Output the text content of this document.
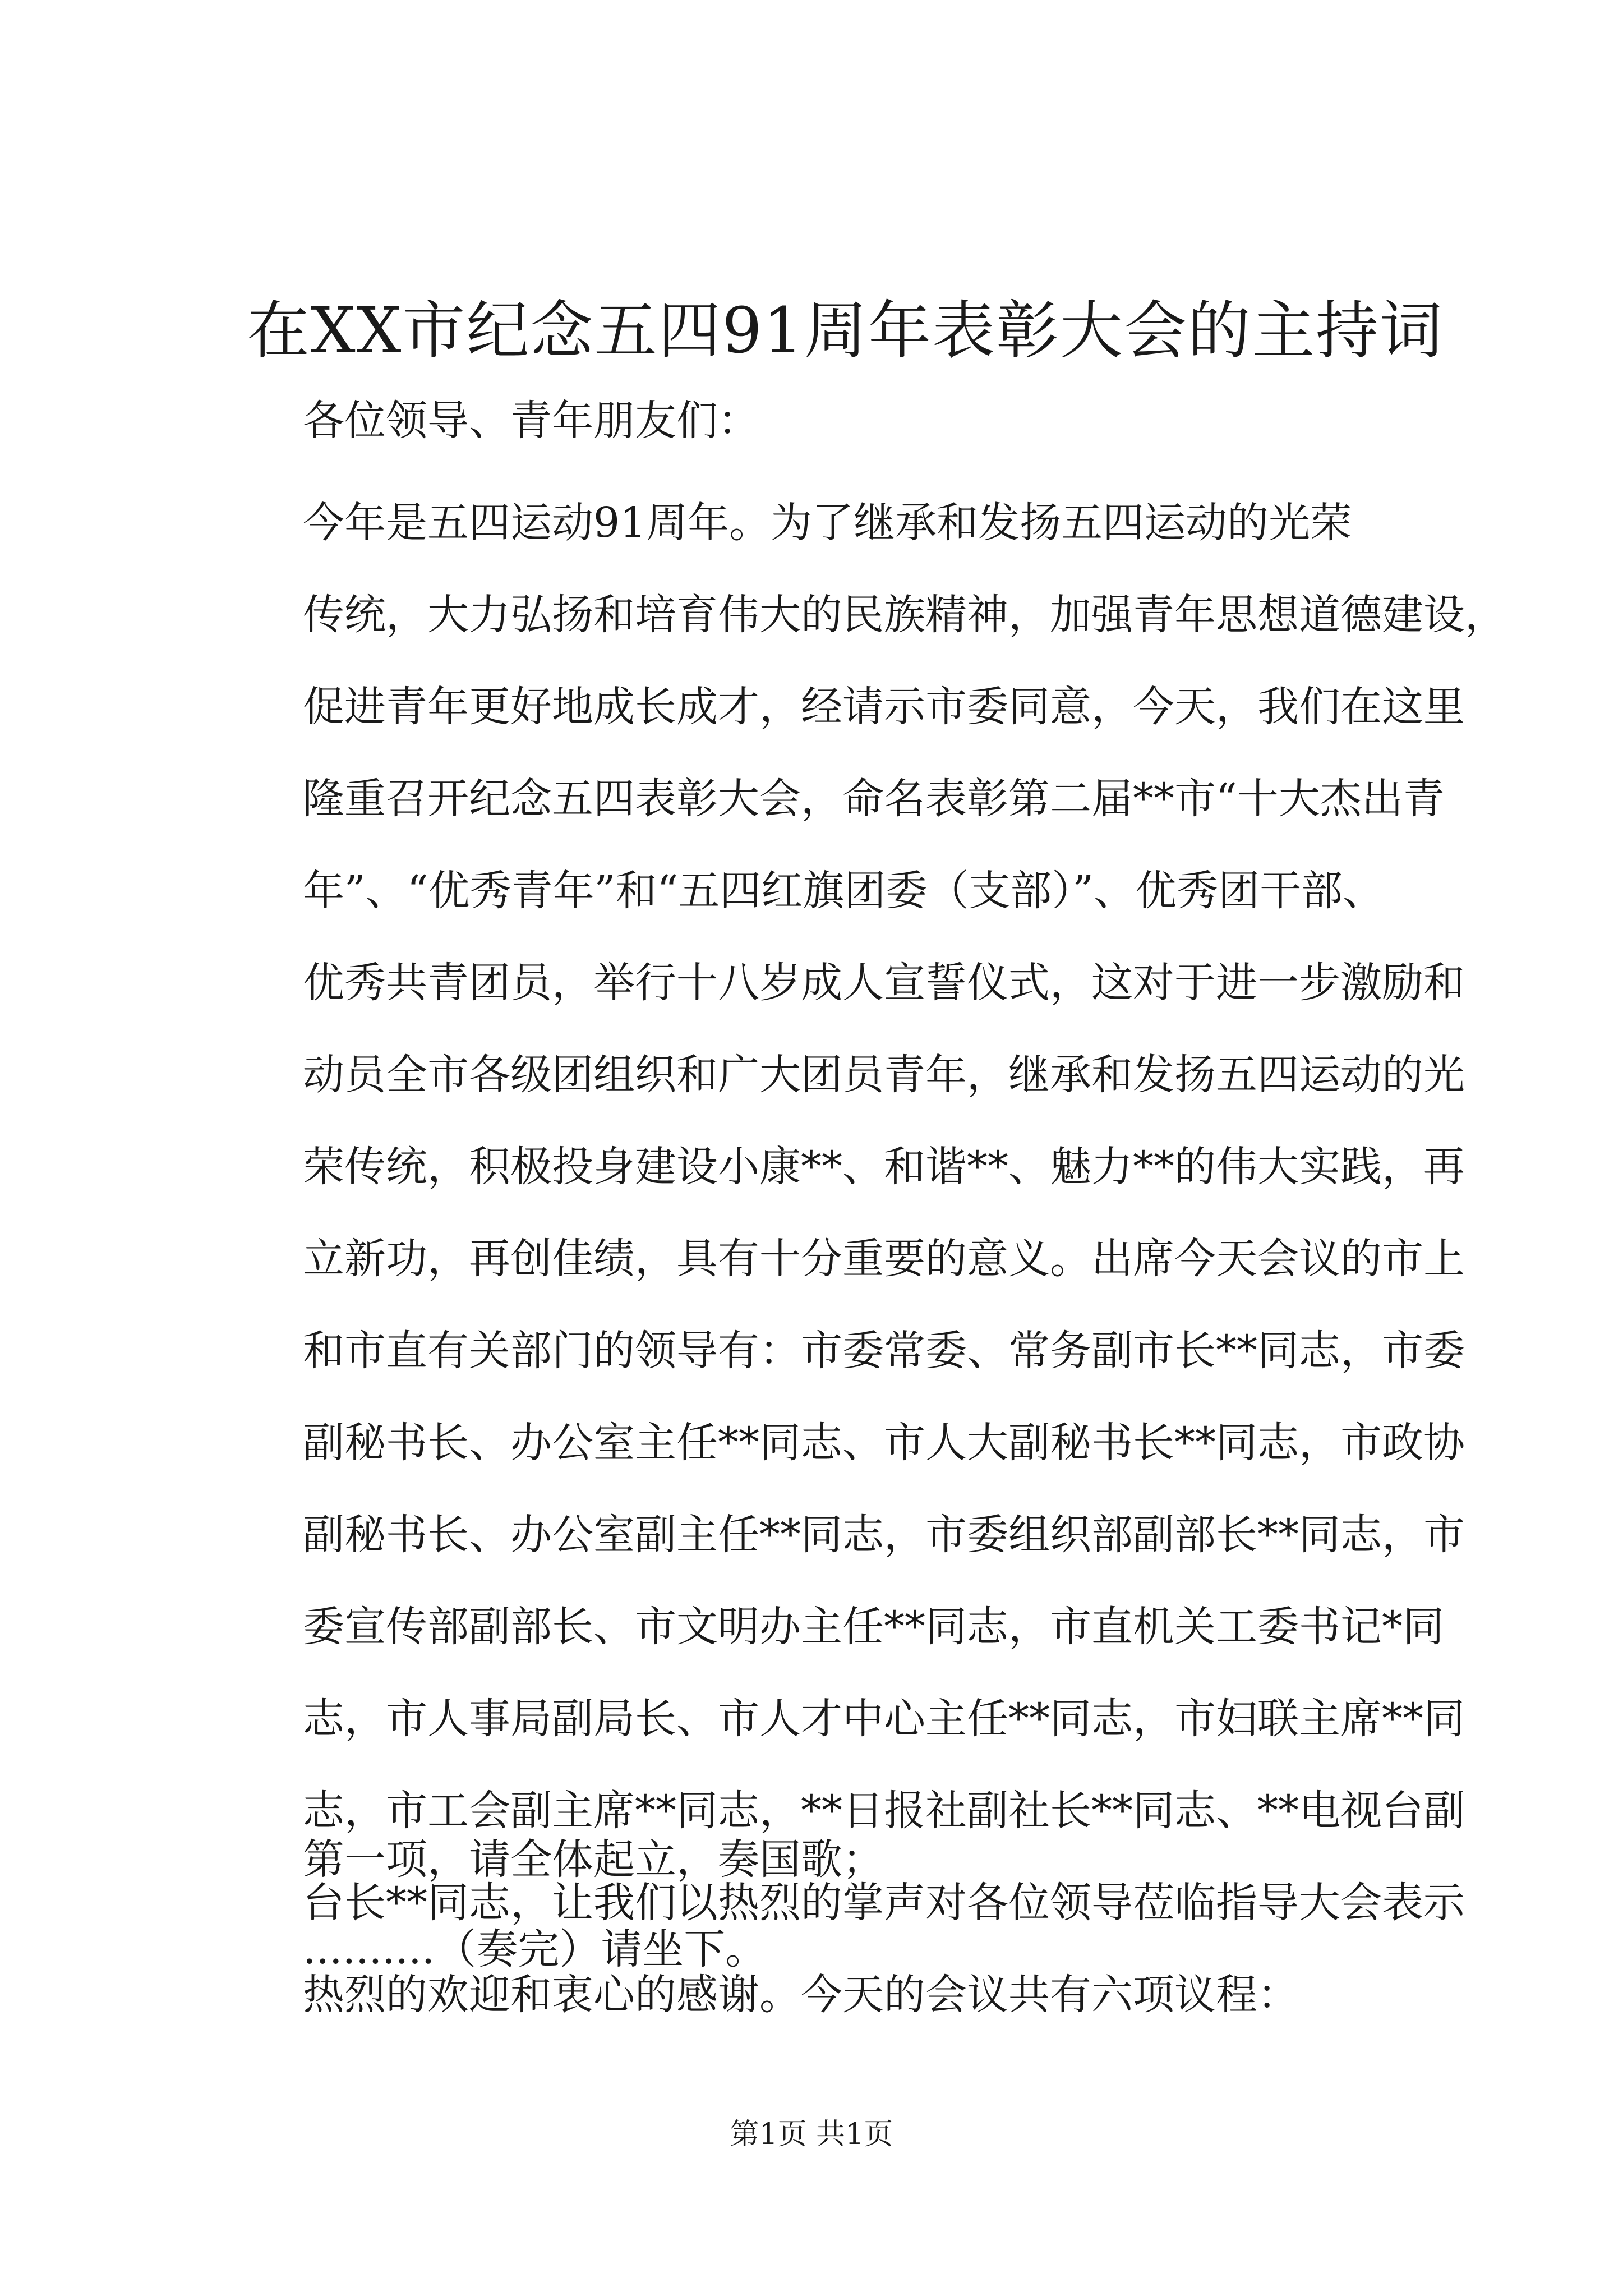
在XX市纪念五四91周年表彰大会的主持词

各位领导、青年朋友们：

今年是五四运动91周年。为了继承和发扬五四运动的光荣
传统，大力弘扬和培育伟大的民族精神，加强青年思想道德建设，
促进青年更好地成长成才，经请示市委同意，今天，我们在这里
隆重召开纪念五四表彰大会，命名表彰第二届**市“十大杰出青
年”、“优秀青年”和“五四红旗团委（支部）”、优秀团干部、
优秀共青团员，举行十八岁成人宣誓仪式，这对于进一步激励和
动员全市各级团组织和广大团员青年，继承和发扬五四运动的光
荣传统，积极投身建设小康**、和谐**、魅力**的伟大实践，再
立新功，再创佳绩，具有十分重要的意义。出席今天会议的市上
和市直有关部门的领导有：市委常委、常务副市长**同志，市委
副秘书长、办公室主任**同志、市人大副秘书长**同志，市政协
副秘书长、办公室副主任**同志，市委组织部副部长**同志，市
委宣传部副部长、市文明办主任**同志，市直机关工委书记*同
志，市人事局副局长、市人才中心主任**同志，市妇联主席**同
志，市工会副主席**同志，**日报社副社长**同志、**电视台副
台长**同志，让我们以热烈的掌声对各位领导莅临指导大会表示
热烈的欢迎和衷心的感谢。今天的会议共有六项议程：

第一项，请全体起立，奏国歌；

..........（奏完）请坐下。

第1页 共1页
